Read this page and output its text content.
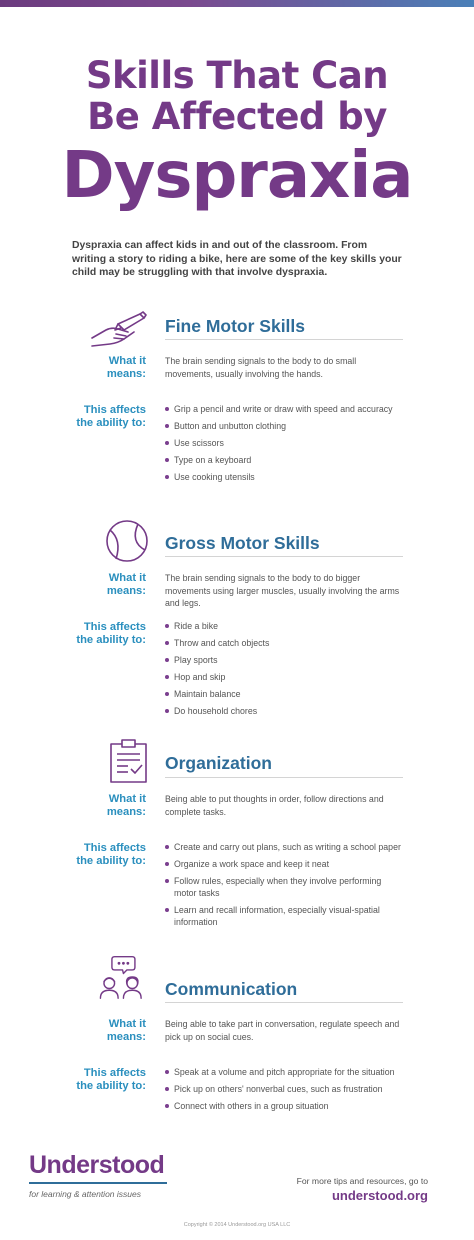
Skills That Can
Be Affected by
Dyspraxia

Dyspraxia can affect kids in and out of the classroom. From writing a story to riding a bike, here are some of the key skills your child may be struggling with that involve dyspraxia.

Fine Motor Skills
What it
means:
The brain sending signals to the body to do small movements, usually involving the hands.
This affects
the ability to:
Grip a pencil and write or draw with speed and accuracy
Button and unbutton clothing
Use scissors
Type on a keyboard
Use cooking utensils
Gross Motor Skills
What it
means:
The brain sending signals to the body to do bigger movements using larger muscles, usually involving the arms and legs.
This affects
the ability to:
Ride a bike
Throw and catch objects
Play sports
Hop and skip
Maintain balance
Do household chores
Organization
What it
means:
Being able to put thoughts in order, follow directions and complete tasks.
This affects
the ability to:
Create and carry out plans, such as writing a school paper
Organize a work space and keep it neat
Follow rules, especially when they involve performing motor tasks
Learn and recall information, especially visual-spatial information
Communication
What it
means:
Being able to take part in conversation, regulate speech and pick up on social cues.
This affects
the ability to:
Speak at a volume and pitch appropriate for the situation
Pick up on others' nonverbal cues, such as frustration
Connect with others in a group situation
Understood
for learning & attention issues
For more tips and resources, go to
understood.org
Copyright © 2014 Understood.org USA LLC
